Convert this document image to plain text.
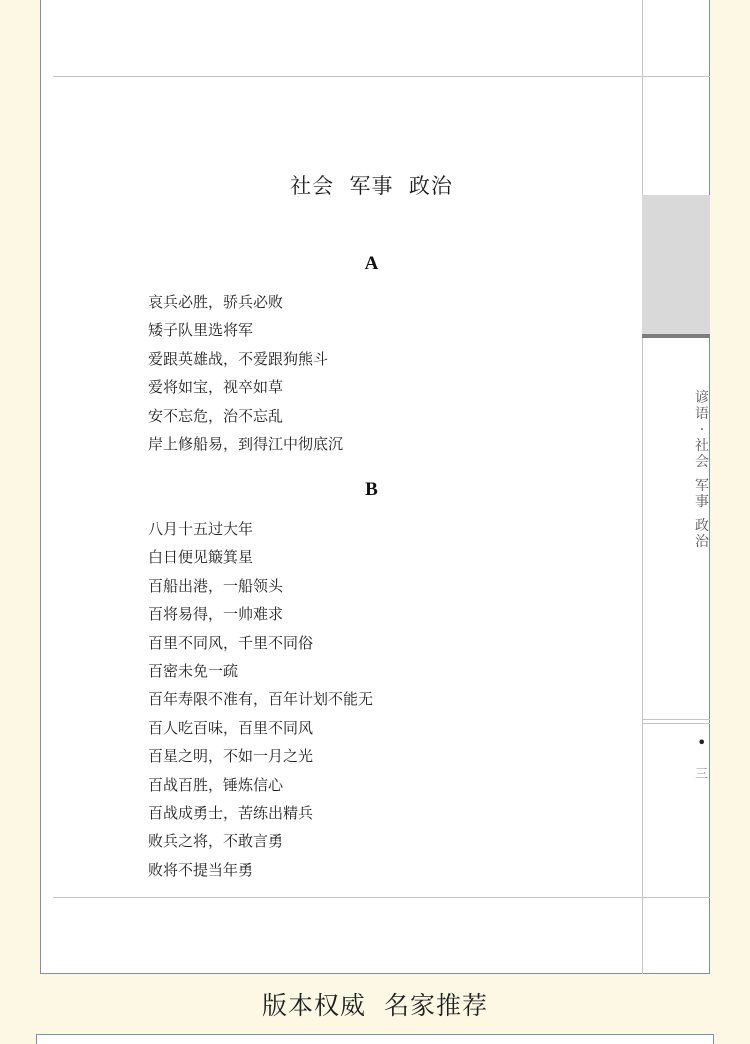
社会  军事  政治
A
哀兵必胜，骄兵必败
矮子队里选将军
爱跟英雄战，不爱跟狗熊斗
爱将如宝，视卒如草
安不忘危，治不忘乱
岸上修船易，到得江中彻底沉
B
八月十五过大年
白日便见簸箕星
百船出港，一船领头
百将易得，一帅难求
百里不同风，千里不同俗
百密未免一疏
百年寿限不准有，百年计划不能无
百人吃百味，百里不同风
百星之明，不如一月之光
百战百胜，锤炼信心
百战成勇士，苦练出精兵
败兵之将，不敢言勇
败将不提当年勇
谚
语
·
社
会
军
事
政
治
•
三
版本权威  名家推荐
